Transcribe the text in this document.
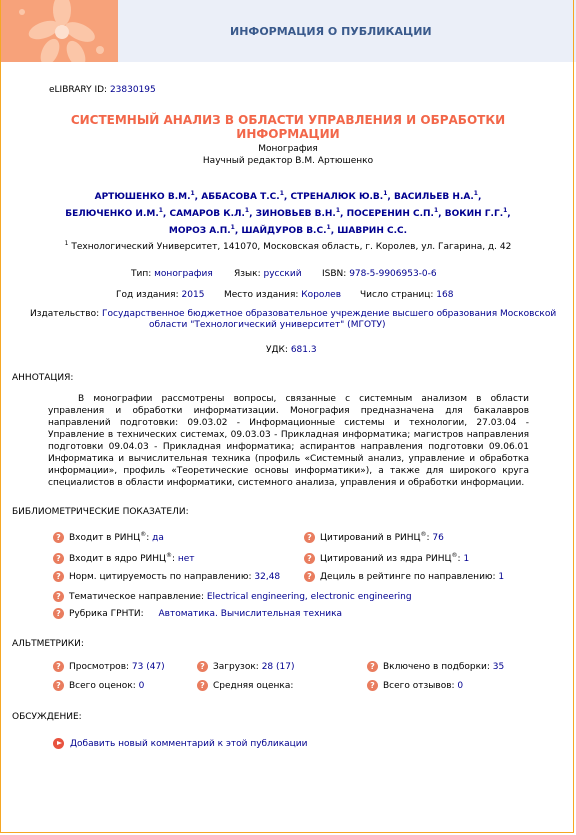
ИНФОРМАЦИЯ О ПУБЛИКАЦИИ
eLIBRARY ID: 23830195
СИСТЕМНЫЙ АНАЛИЗ В ОБЛАСТИ УПРАВЛЕНИЯ И ОБРАБОТКИ
ИНФОРМАЦИИ
Монография
Научный редактор В.М. Артюшенко
АРТЮШЕНКО В.М.$^1$, АББАСОВА Т.С.$^1$, СТРЕНАЛЮК Ю.В.$^1$, ВАСИЛЬЕВ Н.А.$^1$,
БЕЛЮЧЕНКО И.М.$^1$, САМАРОВ К.Л.$^1$, ЗИНОВЬЕВ В.Н.$^1$, ПОСЕРЕНИН С.П.$^1$, ВОКИН Г.Г.$^1$,
МОРОЗ А.П.$^1$, ШАЙДУРОВ В.С.$^1$, ШАВРИН С.С.
$^1$ Технологический Университет, 141070, Московская область, г. Королев, ул. Гагарина, д. 42
Тип: монография Язык: русский ISBN: 978-5-9906953-0-6
Год издания: 2015 Место издания: Королев Число страниц: 168
Издательство: Государственное бюджетное образовательное учреждение высшего образования Московской
области "Технологический университет" (МГОТУ)
УДК: 681.3
АННОТАЦИЯ:
В монографии рассмотрены вопросы, связанные с системным анализом в области управления и обработки информатизации. Монография предназначена для бакалавров направлений подготовки: 09.03.02 - Информационные системы и технологии, 27.03.04 - Управление в технических системах, 09.03.03 - Прикладная информатика; магистров направления подготовки 09.04.03 - Прикладная информатика; аспирантов направления подготовки 09.06.01 Информатика и вычислительная техника (профиль «Системный анализ, управление и обработка информации», профиль «Теоретические основы информатики»), а также для широкого круга специалистов в области информатики, системного анализа, управления и обработки информации.
БИБЛИОМЕТРИЧЕСКИЕ ПОКАЗАТЕЛИ:
? Входит в РИНЦ®: да	? Цитирований в РИНЦ®: 76
? Входит в ядро РИНЦ®: нет	? Цитирований из ядра РИНЦ®: 1
? Норм. цитируемость по направлению: 32,48	? Дециль в рейтинге по направлению: 1
? Тематическое направление: Electrical engineering, electronic engineering
? Рубрика ГРНТИ: Автоматика. Вычислительная техника
АЛЬТМЕТРИКИ:
? Просмотров: 73 (47)	? Загрузок: 28 (17)	? Включено в подборки: 35
? Всего оценок: 0	? Средняя оценка:	? Всего отзывов: 0
ОБСУЖДЕНИЕ:
Добавить новый комментарий к этой публикации
